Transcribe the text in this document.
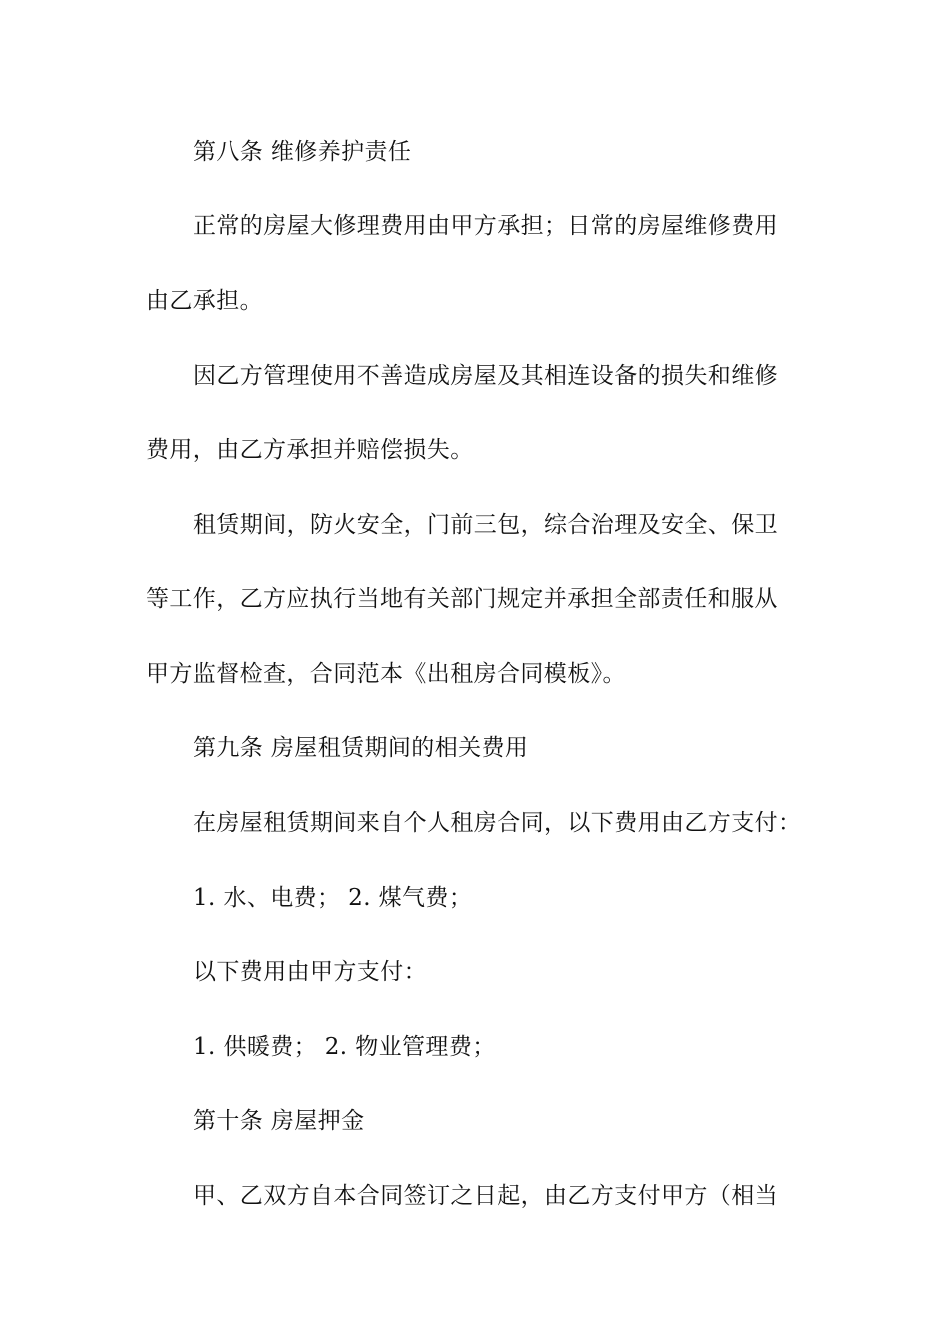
第八条 维修养护责任
正常的房屋大修理费用由甲方承担；日常的房屋维修费用
由乙承担。
因乙方管理使用不善造成房屋及其相连设备的损失和维修
费用，由乙方承担并赔偿损失。
租赁期间，防火安全，门前三包，综合治理及安全、保卫
等工作，乙方应执行当地有关部门规定并承担全部责任和服从
甲方监督检查，合同范本《出租房合同模板》。
第九条 房屋租赁期间的相关费用
在房屋租赁期间来自个人租房合同，以下费用由乙方支付：
1. 水、电费； 2. 煤气费；
以下费用由甲方支付：
1. 供暖费； 2. 物业管理费；
第十条 房屋押金
甲、乙双方自本合同签订之日起，由乙方支付甲方（相当
